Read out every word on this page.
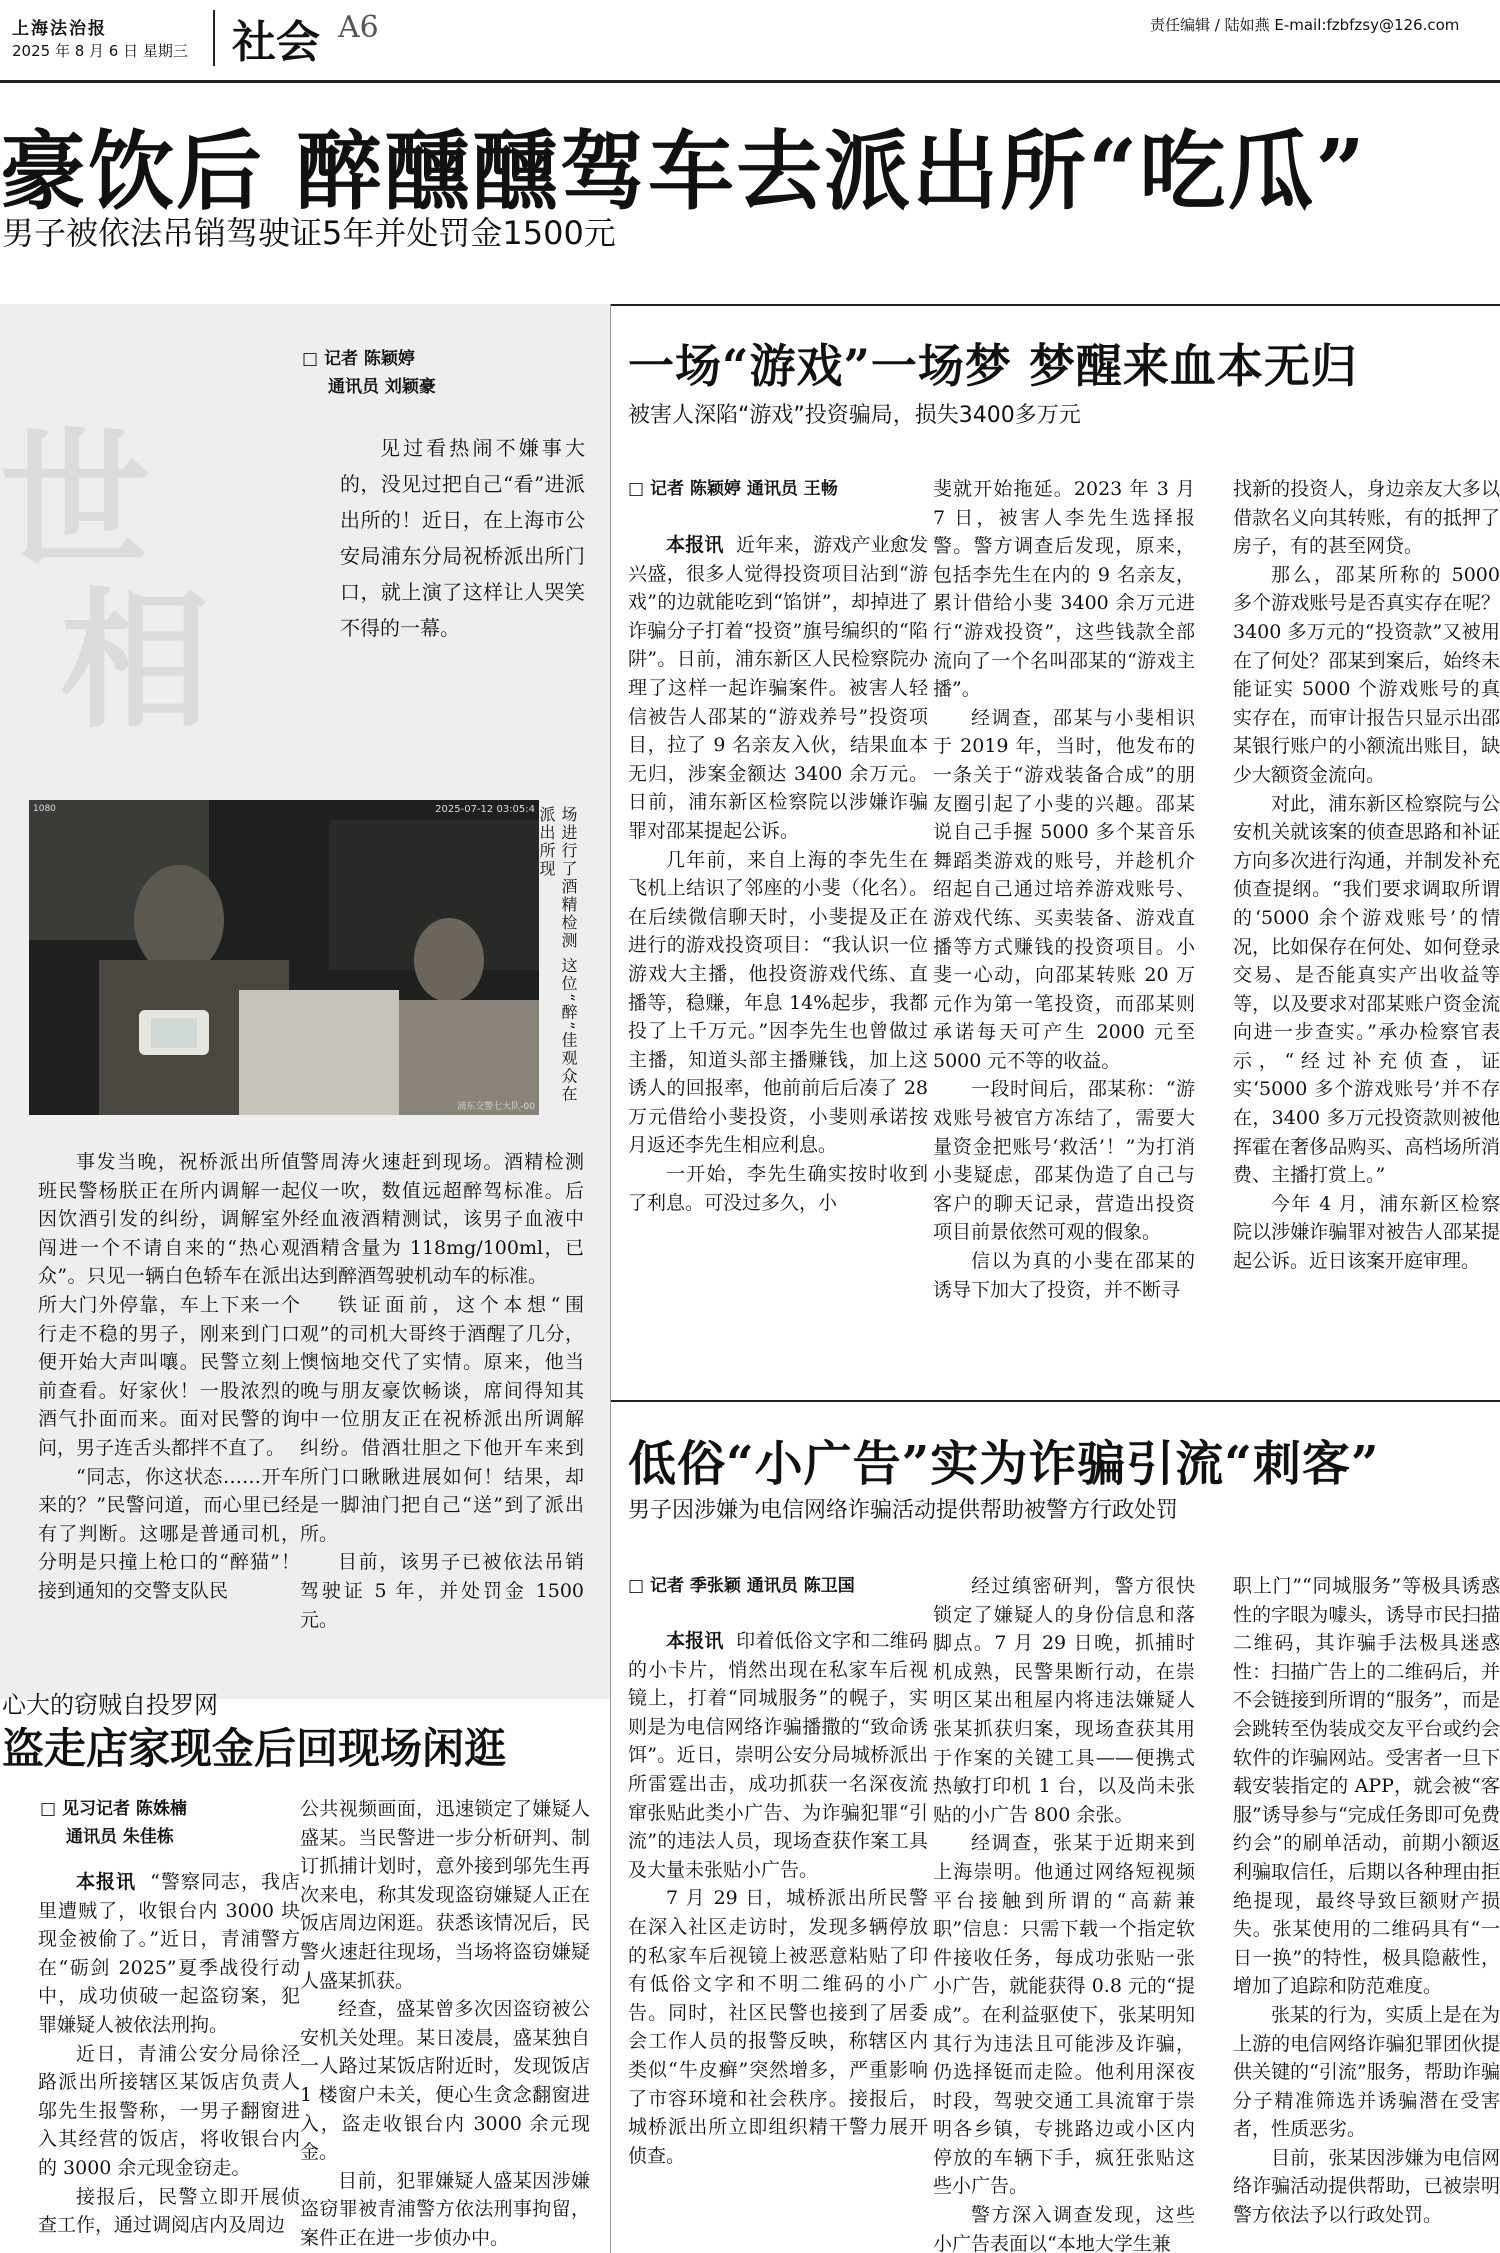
上海法治报
2025 年 8 月 6 日 星期三 社会 A6	责任编辑 / 陆如燕 E-mail:fzbfzsy@126.com
豪饮后 醉醺醺驾车去派出所“吃瓜”
男子被依法吊销驾驶证5年并处罚金1500元
世
相
□ 记者 陈颖婷
通讯员 刘颖豪
见过看热闹不嫌事大的，没见过把自己“看”进派出所的！近日，在上海市公安局浦东分局祝桥派出所门口，就上演了这样让人哭笑不得的一幕。
1080	2025-07-12 03:05:4
浦东交警七大队-00
场进行了酒精检测 这位“醉”佳观众在派出所现

事发当晚，祝桥派出所值班民警杨朕正在所内调解一起因饮酒引发的纠纷，调解室外闯进一个不请自来的“热心观众”。只见一辆白色轿车在派出所大门外停靠，车上下来一个行走不稳的男子，刚来到门口便开始大声叫嚷。民警立刻上前查看。好家伙！一股浓烈的酒气扑面而来。面对民警的询问，男子连舌头都拌不直了。

“同志，你这状态……开车来的？”民警问道，而心里已经有了判断。这哪是普通司机，分明是只撞上枪口的“醉猫”！接到通知的交警支队民

警周涛火速赶到现场。酒精检测仪一吹，数值远超醉驾标准。后经血液酒精测试，该男子血液中酒精含量为 118mg/100ml，已达到醉酒驾驶机动车的标准。

铁证面前，这个本想“围观”的司机大哥终于酒醒了几分，懊恼地交代了实情。原来，他当晚与朋友豪饮畅谈，席间得知其中一位朋友正在祝桥派出所调解纠纷。借酒壮胆之下他开车来到所门口瞅瞅进展如何！结果，却是一脚油门把自己“送”到了派出所。

目前，该男子已被依法吊销驾驶证 5 年，并处罚金 1500 元。

心大的窃贼自投罗网
盗走店家现金后回现场闲逛
□ 见习记者 陈姝楠
通讯员 朱佳栋

本报讯 “警察同志，我店里遭贼了，收银台内 3000 块现金被偷了。”近日，青浦警方在“砺剑 2025”夏季战役行动中，成功侦破一起盗窃案，犯罪嫌疑人被依法刑拘。

近日，青浦公安分局徐泾路派出所接辖区某饭店负责人邬先生报警称，一男子翻窗进入其经营的饭店，将收银台内的 3000 余元现金窃走。

接报后，民警立即开展侦查工作，通过调阅店内及周边

公共视频画面，迅速锁定了嫌疑人盛某。当民警进一步分析研判、制订抓捕计划时，意外接到邬先生再次来电，称其发现盗窃嫌疑人正在饭店周边闲逛。获悉该情况后，民警火速赶往现场，当场将盗窃嫌疑人盛某抓获。

经查，盛某曾多次因盗窃被公安机关处理。某日凌晨，盛某独自一人路过某饭店附近时，发现饭店 1 楼窗户未关，便心生贪念翻窗进入，盗走收银台内 3000 余元现金。

目前，犯罪嫌疑人盛某因涉嫌盗窃罪被青浦警方依法刑事拘留，案件正在进一步侦办中。

一场“游戏”一场梦 梦醒来血本无归
被害人深陷“游戏”投资骗局，损失3400多万元
□ 记者 陈颖婷 通讯员 王畅

本报讯 近年来，游戏产业愈发兴盛，很多人觉得投资项目沾到“游戏”的边就能吃到“馅饼”，却掉进了诈骗分子打着“投资”旗号编织的“陷阱”。日前，浦东新区人民检察院办理了这样一起诈骗案件。被害人轻信被告人邵某的“游戏养号”投资项目，拉了 9 名亲友入伙，结果血本无归，涉案金额达 3400 余万元。日前，浦东新区检察院以涉嫌诈骗罪对邵某提起公诉。

几年前，来自上海的李先生在飞机上结识了邻座的小斐（化名）。在后续微信聊天时，小斐提及正在进行的游戏投资项目：“我认识一位游戏大主播，他投资游戏代练、直播等，稳赚，年息 14%起步，我都投了上千万元。”因李先生也曾做过主播，知道头部主播赚钱，加上这诱人的回报率，他前前后后凑了 28 万元借给小斐投资，小斐则承诺按月返还李先生相应利息。

一开始，李先生确实按时收到了利息。可没过多久，小

斐就开始拖延。2023 年 3 月 7 日，被害人李先生选择报警。警方调查后发现，原来，包括李先生在内的 9 名亲友，累计借给小斐 3400 余万元进行“游戏投资”，这些钱款全部流向了一个名叫邵某的“游戏主播”。

经调查，邵某与小斐相识于 2019 年，当时，他发布的一条关于“游戏装备合成”的朋友圈引起了小斐的兴趣。邵某说自己手握 5000 多个某音乐舞蹈类游戏的账号，并趁机介绍起自己通过培养游戏账号、游戏代练、买卖装备、游戏直播等方式赚钱的投资项目。小斐一心动，向邵某转账 20 万元作为第一笔投资，而邵某则承诺每天可产生 2000 元至 5000 元不等的收益。

一段时间后，邵某称：“游戏账号被官方冻结了，需要大量资金把账号‘救活’！”为打消小斐疑虑，邵某伪造了自己与客户的聊天记录，营造出投资项目前景依然可观的假象。

信以为真的小斐在邵某的诱导下加大了投资，并不断寻

找新的投资人，身边亲友大多以借款名义向其转账，有的抵押了房子，有的甚至网贷。

那么，邵某所称的 5000 多个游戏账号是否真实存在呢？3400 多万元的“投资款”又被用在了何处？邵某到案后，始终未能证实 5000 个游戏账号的真实存在，而审计报告只显示出邵某银行账户的小额流出账目，缺少大额资金流向。

对此，浦东新区检察院与公安机关就该案的侦查思路和补证方向多次进行沟通，并制发补充侦查提纲。“我们要求调取所谓的‘5000 余个游戏账号’的情况，比如保存在何处、如何登录交易、是否能真实产出收益等等，以及要求对邵某账户资金流向进一步查实。”承办检察官表示，“经过补充侦查，证实‘5000 多个游戏账号’并不存在，3400 多万元投资款则被他挥霍在奢侈品购买、高档场所消费、主播打赏上。”

今年 4 月，浦东新区检察院以涉嫌诈骗罪对被告人邵某提起公诉。近日该案开庭审理。

低俗“小广告”实为诈骗引流“刺客”
男子因涉嫌为电信网络诈骗活动提供帮助被警方行政处罚
□ 记者 季张颖 通讯员 陈卫国

本报讯 印着低俗文字和二维码的小卡片，悄然出现在私家车后视镜上，打着“同城服务”的幌子，实则是为电信网络诈骗播撒的“致命诱饵”。近日，崇明公安分局城桥派出所雷霆出击，成功抓获一名深夜流窜张贴此类小广告、为诈骗犯罪“引流”的违法人员，现场查获作案工具及大量未张贴小广告。

7 月 29 日，城桥派出所民警在深入社区走访时，发现多辆停放的私家车后视镜上被恶意粘贴了印有低俗文字和不明二维码的小广告。同时，社区民警也接到了居委会工作人员的报警反映，称辖区内类似“牛皮癣”突然增多，严重影响了市容环境和社会秩序。接报后，城桥派出所立即组织精干警力展开侦查。

经过缜密研判，警方很快锁定了嫌疑人的身份信息和落脚点。7 月 29 日晚，抓捕时机成熟，民警果断行动，在崇明区某出租屋内将违法嫌疑人张某抓获归案，现场查获其用于作案的关键工具——便携式热敏打印机 1 台，以及尚未张贴的小广告 800 余张。

经调查，张某于近期来到上海崇明。他通过网络短视频平台接触到所谓的“高薪兼职”信息：只需下载一个指定软件接收任务，每成功张贴一张小广告，就能获得 0.8 元的“提成”。在利益驱使下，张某明知其行为违法且可能涉及诈骗，仍选择铤而走险。他利用深夜时段，驾驶交通工具流窜于崇明各乡镇，专挑路边或小区内停放的车辆下手，疯狂张贴这些小广告。

警方深入调查发现，这些小广告表面以“本地大学生兼

职上门”“同城服务”等极具诱惑性的字眼为噱头，诱导市民扫描二维码，其诈骗手法极具迷惑性：扫描广告上的二维码后，并不会链接到所谓的“服务”，而是会跳转至伪装成交友平台或约会软件的诈骗网站。受害者一旦下载安装指定的 APP，就会被“客服”诱导参与“完成任务即可免费约会”的刷单活动，前期小额返利骗取信任，后期以各种理由拒绝提现，最终导致巨额财产损失。张某使用的二维码具有“一日一换”的特性，极具隐蔽性，增加了追踪和防范难度。

张某的行为，实质上是在为上游的电信网络诈骗犯罪团伙提供关键的“引流”服务，帮助诈骗分子精准筛选并诱骗潜在受害者，性质恶劣。

目前，张某因涉嫌为电信网络诈骗活动提供帮助，已被崇明警方依法予以行政处罚。
